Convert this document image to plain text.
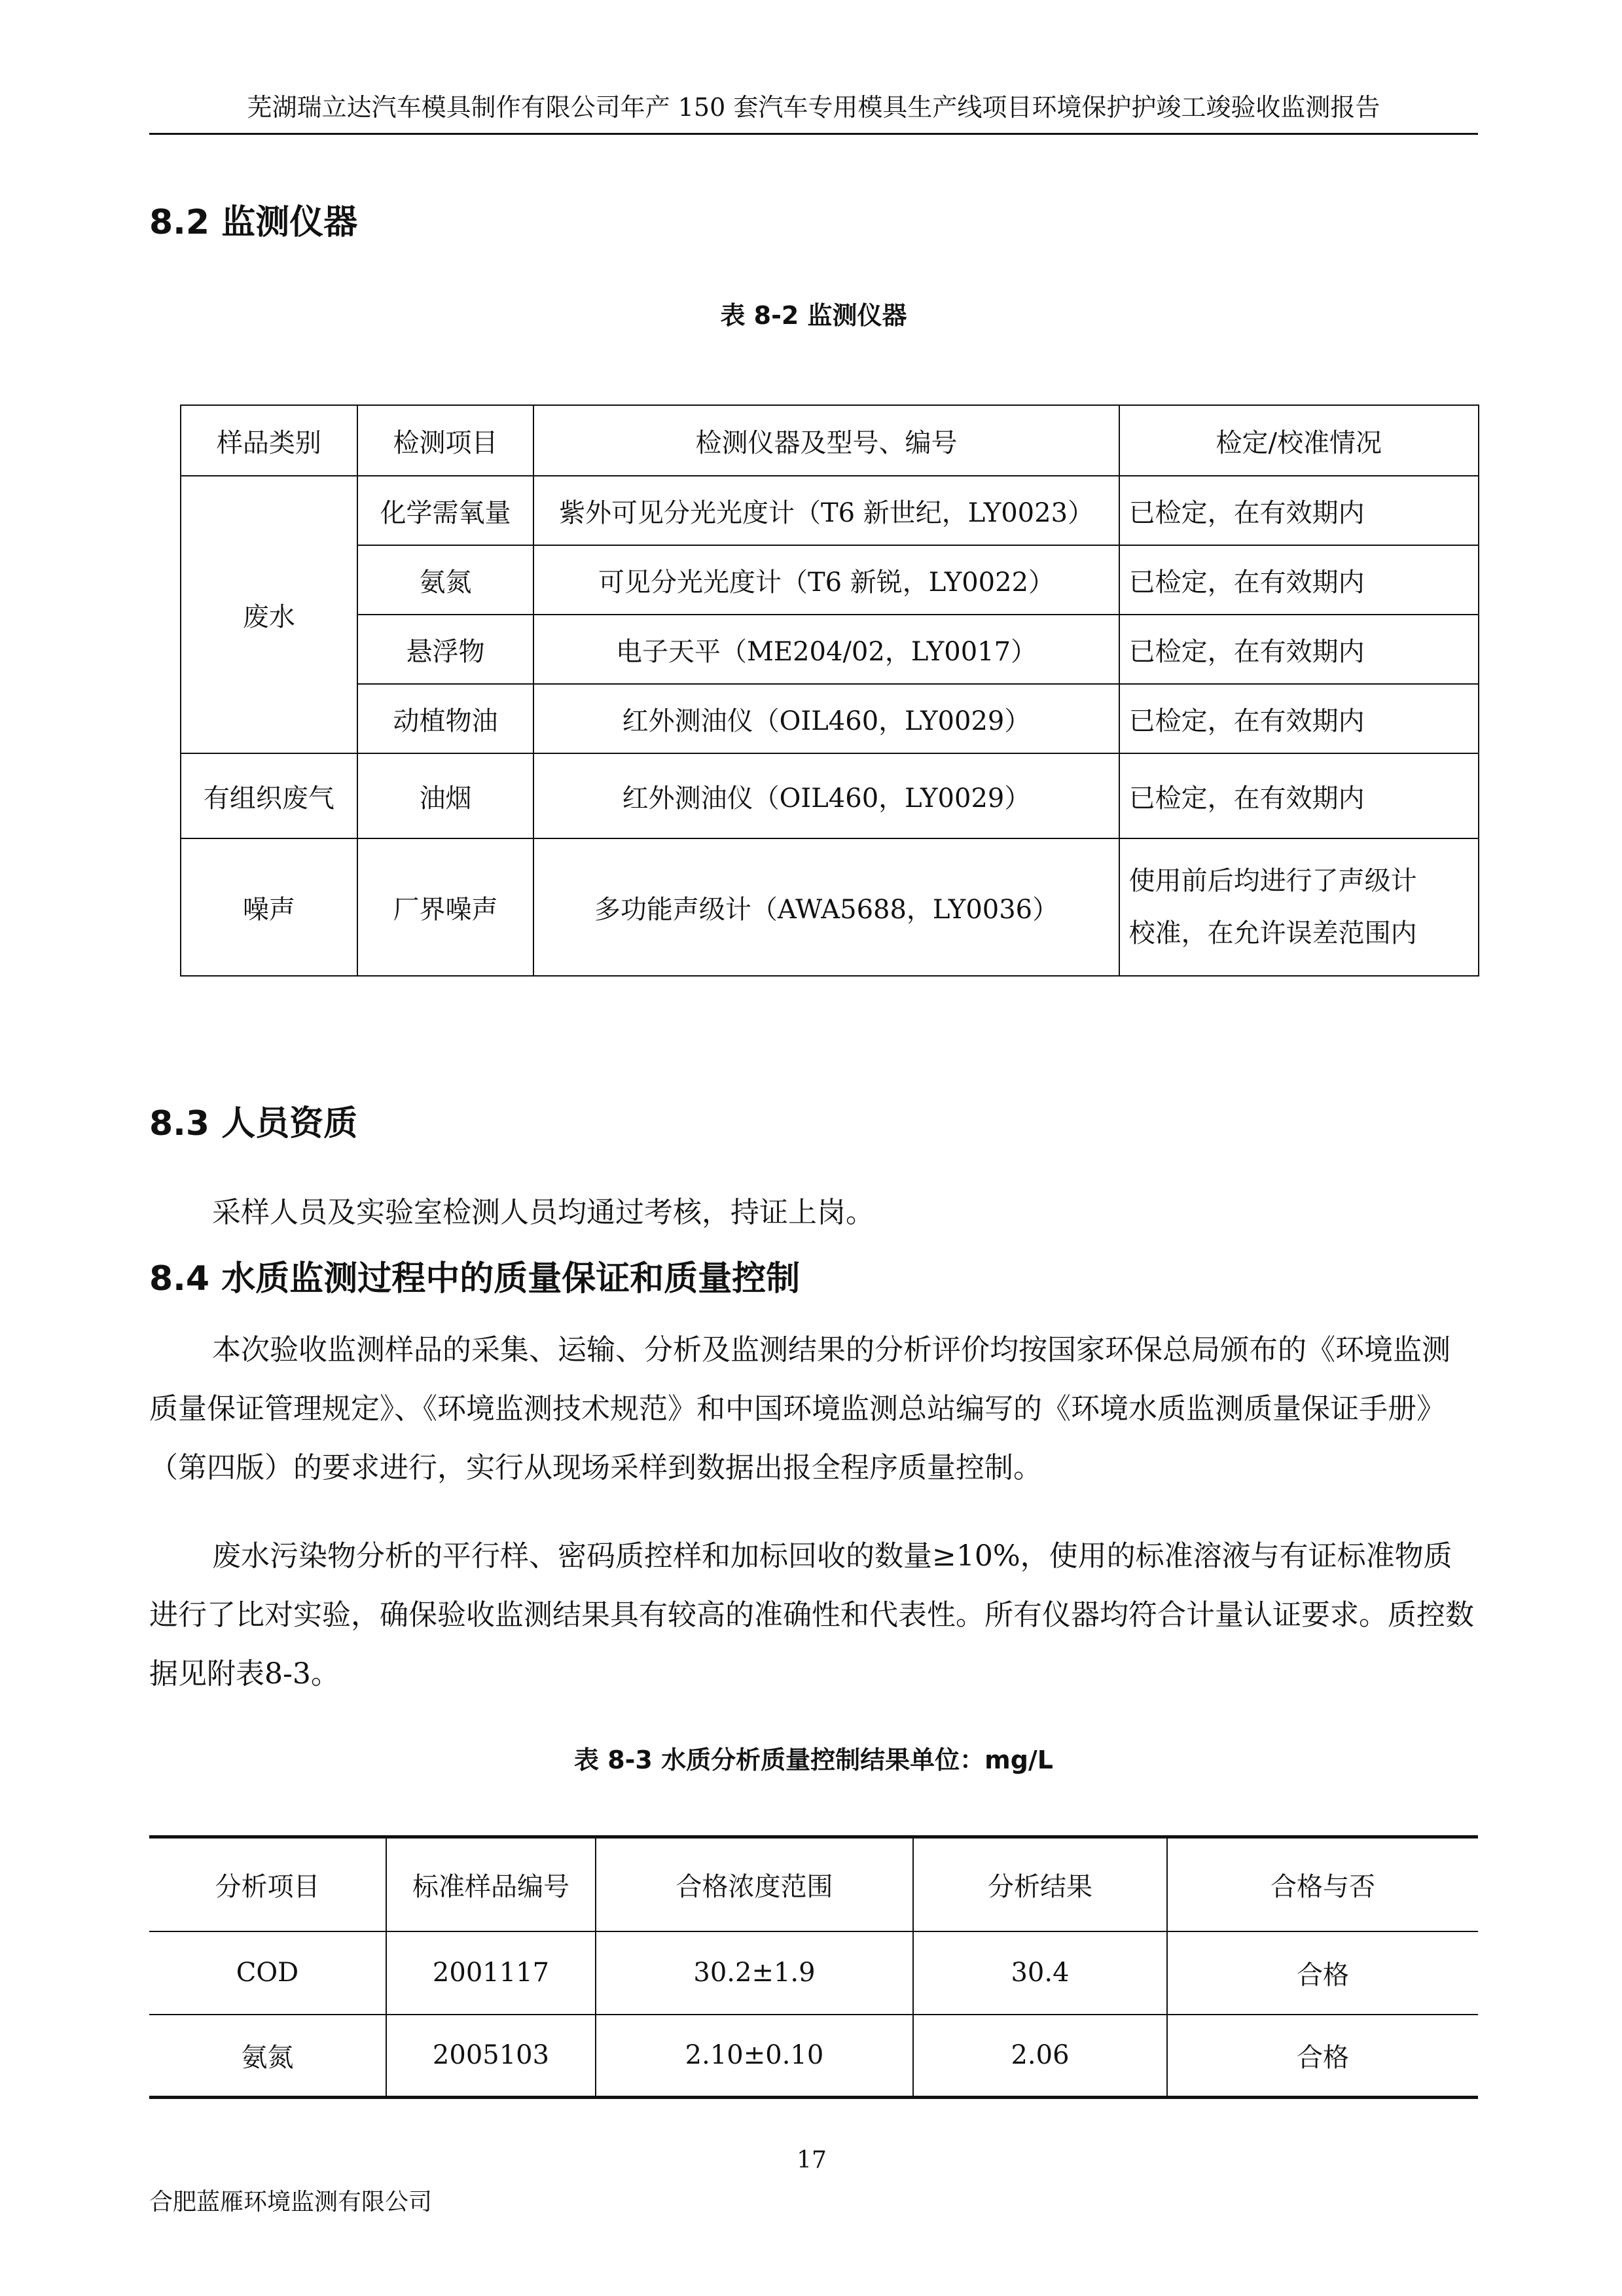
芜湖瑞立达汽车模具制作有限公司年产 150 套汽车专用模具生产线项目环境保护护竣工竣验收监测报告
8.2 监测仪器
表 8-2 监测仪器
样品类别	检测项目	检测仪器及型号、编号	检定/校准情况
废水	化学需氧量	紫外可见分光光度计（T6 新世纪，LY0023）	已检定，在有效期内
	氨氮	可见分光光度计（T6 新锐，LY0022）	已检定，在有效期内
	悬浮物	电子天平（ME204/02，LY0017）	已检定，在有效期内
	动植物油	红外测油仪（OIL460，LY0029）	已检定，在有效期内
有组织废气	油烟	红外测油仪（OIL460，LY0029）	已检定，在有效期内
噪声	厂界噪声	多功能声级计（AWA5688，LY0036）	使用前后均进行了声级计
校准，在允许误差范围内
8.3 人员资质
采样人员及实验室检测人员均通过考核，持证上岗。
8.4 水质监测过程中的质量保证和质量控制
本次验收监测样品的采集、运输、分析及监测结果的分析评价均按国家环保总局颁布的《环境监测质量保证管理规定》、《环境监测技术规范》和中国环境监测总站编写的《环境水质监测质量保证手册》（第四版）的要求进行，实行从现场采样到数据出报全程序质量控制。
废水污染物分析的平行样、密码质控样和加标回收的数量≥10%，使用的标准溶液与有证标准物质进行了比对实验，确保验收监测结果具有较高的准确性和代表性。所有仪器均符合计量认证要求。质控数据见附表8-3。
表 8-3 水质分析质量控制结果单位：mg/L
分析项目	标准样品编号	合格浓度范围	分析结果	合格与否
COD	2001117	30.2±1.9	30.4	合格
氨氮	2005103	2.10±0.10	2.06	合格
17
合肥蓝雁环境监测有限公司
